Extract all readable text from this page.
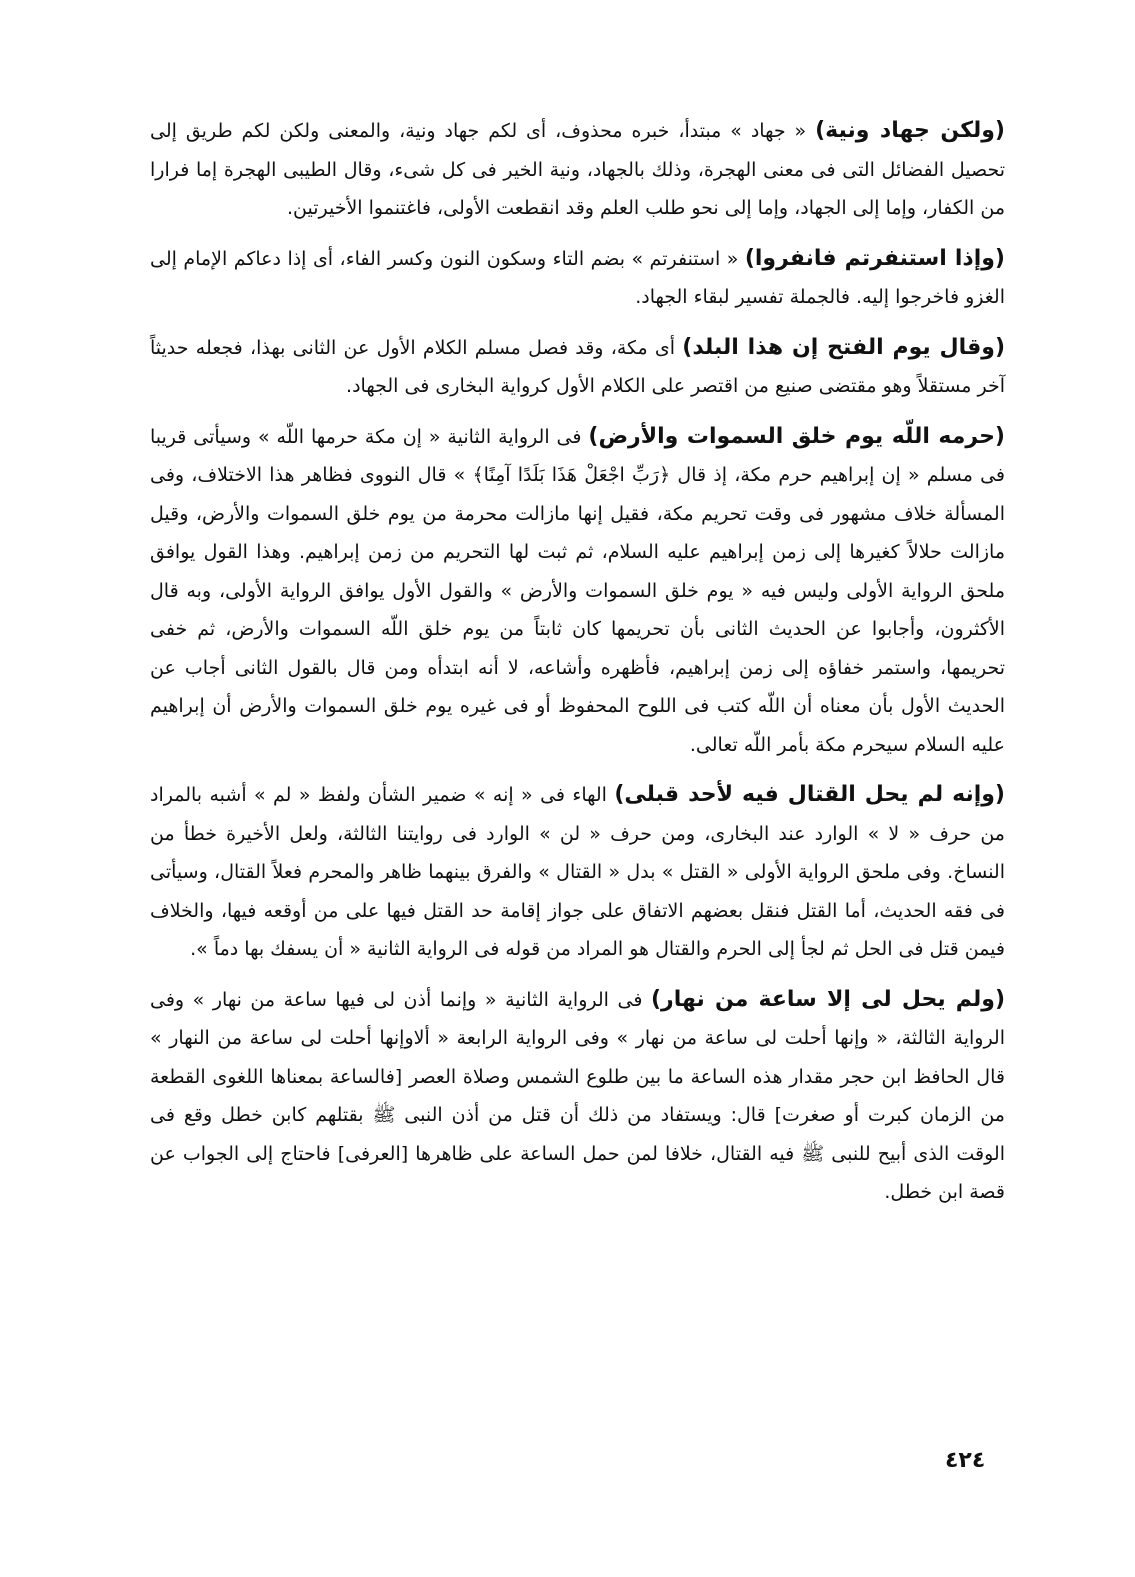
(ولكن جهاد ونية) « جهاد » مبتدأ، خبره محذوف، أى لكم جهاد ونية، والمعنى ولكن لكم طريق إلى تحصيل الفضائل التى فى معنى الهجرة، وذلك بالجهاد، ونية الخير فى كل شىء، وقال الطيبى الهجرة إما فرارا من الكفار، وإما إلى الجهاد، وإما إلى نحو طلب العلم وقد انقطعت الأولى، فاغتنموا الأخيرتين.

(وإذا استنفرتم فانفروا) « استنفرتم » بضم التاء وسكون النون وكسر الفاء، أى إذا دعاكم الإمام إلى الغزو فاخرجوا إليه. فالجملة تفسير لبقاء الجهاد.

(وقال يوم الفتح إن هذا البلد) أى مكة، وقد فصل مسلم الكلام الأول عن الثانى بهذا، فجعله حديثاً آخر مستقلاً وهو مقتضى صنيع من اقتصر على الكلام الأول كرواية البخارى فى الجهاد.

(حرمه اللّه يوم خلق السموات والأرض) فى الرواية الثانية « إن مكة حرمها اللّه » وسيأتى قريبا فى مسلم « إن إبراهيم حرم مكة، إذ قال ﴿رَبِّ اجْعَلْ هَذَا بَلَدًا آمِنًا﴾ » قال النووى فظاهر هذا الاختلاف، وفى المسألة خلاف مشهور فى وقت تحريم مكة، فقيل إنها مازالت محرمة من يوم خلق السموات والأرض، وقيل مازالت حلالاً كغيرها إلى زمن إبراهيم عليه السلام، ثم ثبت لها التحريم من زمن إبراهيم. وهذا القول يوافق ملحق الرواية الأولى وليس فيه « يوم خلق السموات والأرض » والقول الأول يوافق الرواية الأولى، وبه قال الأكثرون، وأجابوا عن الحديث الثانى بأن تحريمها كان ثابتاً من يوم خلق اللّه السموات والأرض، ثم خفى تحريمها، واستمر خفاؤه إلى زمن إبراهيم، فأظهره وأشاعه، لا أنه ابتدأه ومن قال بالقول الثانى أجاب عن الحديث الأول بأن معناه أن اللّه كتب فى اللوح المحفوظ أو فى غيره يوم خلق السموات والأرض أن إبراهيم عليه السلام سيحرم مكة بأمر اللّه تعالى.

(وإنه لم يحل القتال فيه لأحد قبلى) الهاء فى « إنه » ضمير الشأن ولفظ « لم » أشبه بالمراد من حرف « لا » الوارد عند البخارى، ومن حرف « لن » الوارد فى روايتنا الثالثة، ولعل الأخيرة خطأ من النساخ. وفى ملحق الرواية الأولى « القتل » بدل « القتال » والفرق بينهما ظاهر والمحرم فعلاً القتال، وسيأتى فى فقه الحديث، أما القتل فنقل بعضهم الاتفاق على جواز إقامة حد القتل فيها على من أوقعه فيها، والخلاف فيمن قتل فى الحل ثم لجأ إلى الحرم والقتال هو المراد من قوله فى الرواية الثانية « أن يسفك بها دماً ».

(ولم يحل لى إلا ساعة من نهار) فى الرواية الثانية « وإنما أذن لى فيها ساعة من نهار » وفى الرواية الثالثة، « وإنها أحلت لى ساعة من نهار » وفى الرواية الرابعة « ألاوإنها أحلت لى ساعة من النهار » قال الحافظ ابن حجر مقدار هذه الساعة ما بين طلوع الشمس وصلاة العصر [فالساعة بمعناها اللغوى القطعة من الزمان كبرت أو صغرت] قال: ويستفاد من ذلك أن قتل من أذن النبى ﷺ بقتلهم كابن خطل وقع فى الوقت الذى أبيح للنبى ﷺ فيه القتال، خلافا لمن حمل الساعة على ظاهرها [العرفى] فاحتاج إلى الجواب عن قصة ابن خطل.

٤٢٤
